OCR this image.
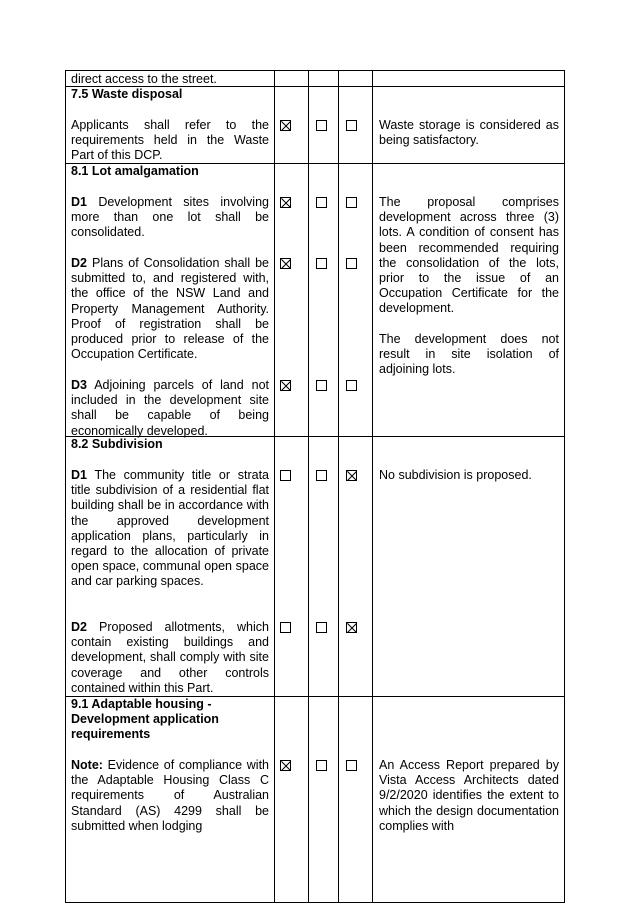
direct access to the street.
7.5 Waste disposal

Applicants shall refer to the requirements held in the Waste Part of this DCP.

Waste storage is considered as being satisfactory.

8.1 Lot amalgamation

D1 Development sites involving more than one lot shall be consolidated.

D2 Plans of Consolidation shall be submitted to, and registered with, the office of the NSW Land and Property Management Authority. Proof of registration shall be produced prior to release of the Occupation Certificate.

D3 Adjoining parcels of land not included in the development site shall be capable of being economically developed.

The proposal comprises development across three (3) lots. A condition of consent has been recommended requiring the consolidation of the lots, prior to the issue of an Occupation Certificate for the development.

The development does not result in site isolation of adjoining lots.

8.2 Subdivision

D1 The community title or strata title subdivision of a residential flat building shall be in accordance with the approved development application plans, particularly in regard to the allocation of private open space, communal open space and car parking spaces.

D2 Proposed allotments, which contain existing buildings and development, shall comply with site coverage and other controls contained within this Part.

No subdivision is proposed.

9.1 Adaptable housing - Development application requirements

Note: Evidence of compliance with the Adaptable Housing Class C requirements of Australian Standard (AS) 4299 shall be submitted when lodging

An Access Report prepared by Vista Access Architects dated 9/2/2020 identifies the extent to which the design documentation complies with
